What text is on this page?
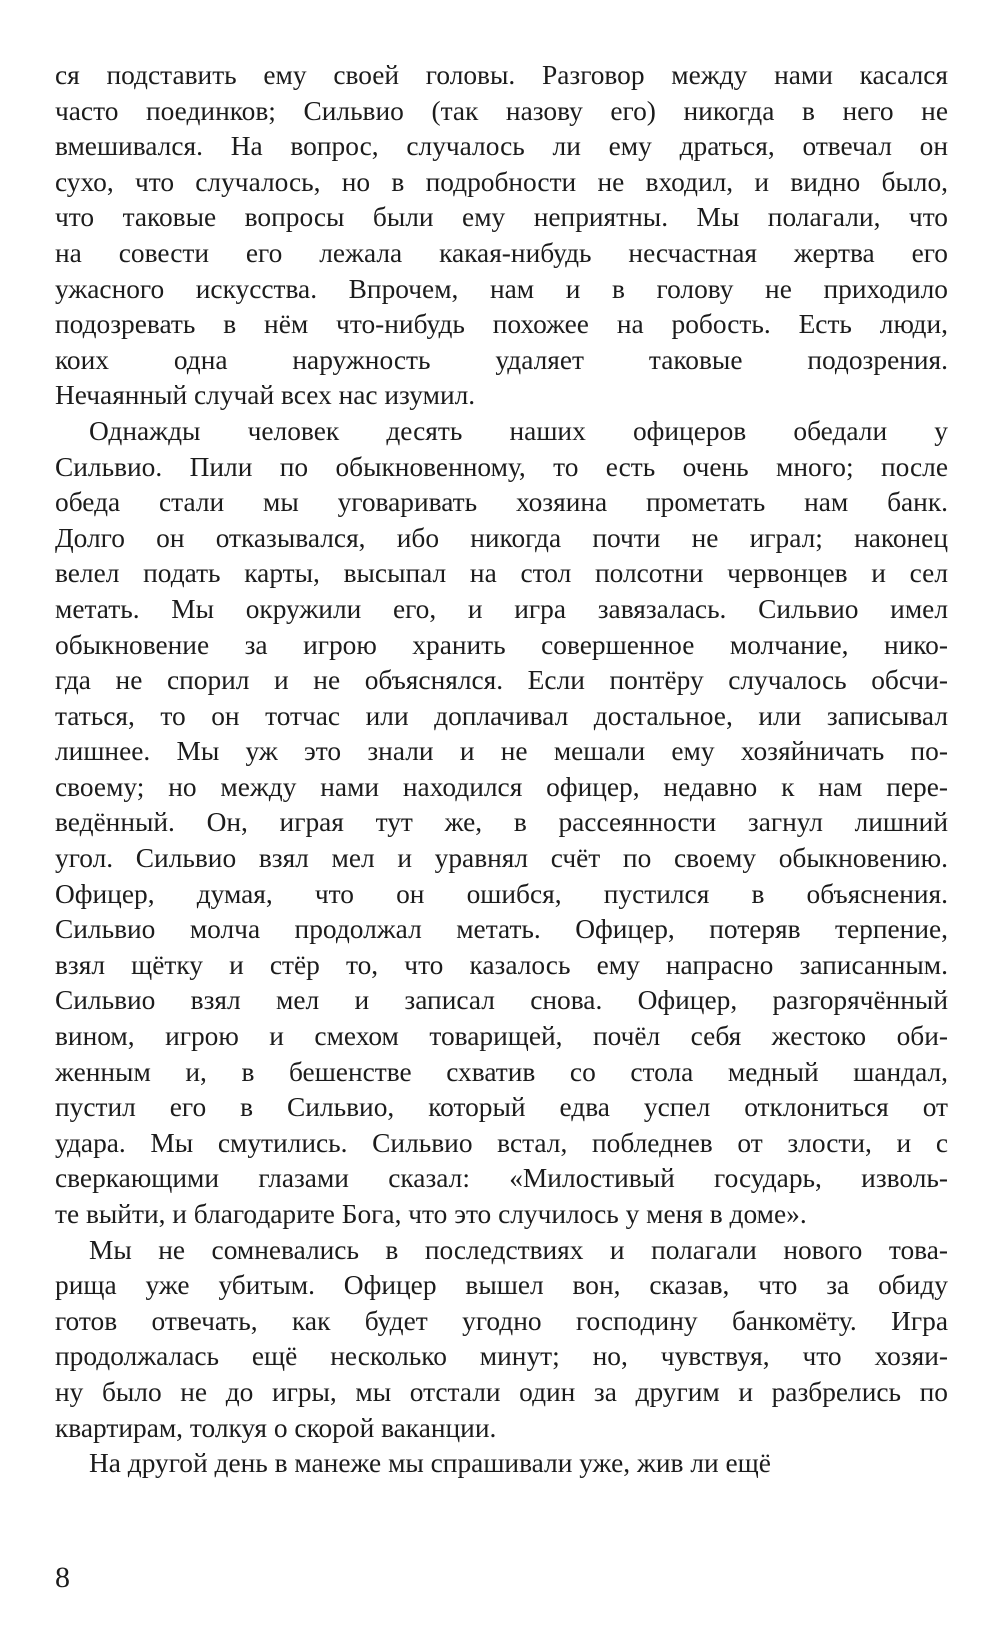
ся подставить ему своей головы. Разговор между нами касался
часто поединков; Сильвио (так назову его) никогда в него не
вмешивался. На вопрос, случалось ли ему драться, отвечал он
сухо, что случалось, но в подробности не входил, и видно было,
что таковые вопросы были ему неприятны. Мы полагали, что
на совести его лежала какая-нибудь несчастная жертва его
ужасного искусства. Впрочем, нам и в голову не приходило
подозревать в нём что-нибудь похожее на робость. Есть люди,
коих одна наружность удаляет таковые подозрения.
Нечаянный случай всех нас изумил.
Однажды человек десять наших офицеров обедали у
Сильвио. Пили по обыкновенному, то есть очень много; после
обеда стали мы уговаривать хозяина прометать нам банк.
Долго он отказывался, ибо никогда почти не играл; наконец
велел подать карты, высыпал на стол полсотни червонцев и сел
метать. Мы окружили его, и игра завязалась. Сильвио имел
обыкновение за игрою хранить совершенное молчание, нико-
гда не спорил и не объяснялся. Если понтёру случалось обсчи-
таться, то он тотчас или доплачивал достальное, или записывал
лишнее. Мы уж это знали и не мешали ему хозяйничать по-
своему; но между нами находился офицер, недавно к нам пере-
ведённый. Он, играя тут же, в рассеянности загнул лишний
угол. Сильвио взял мел и уравнял счёт по своему обыкновению.
Офицер, думая, что он ошибся, пустился в объяснения.
Сильвио молча продолжал метать. Офицер, потеряв терпение,
взял щётку и стёр то, что казалось ему напрасно записанным.
Сильвио взял мел и записал снова. Офицер, разгорячённый
вином, игрою и смехом товарищей, почёл себя жестоко оби-
женным и, в бешенстве схватив со стола медный шандал,
пустил его в Сильвио, который едва успел отклониться от
удара. Мы смутились. Сильвио встал, побледнев от злости, и с
сверкающими глазами сказал: «Милостивый государь, изволь-
те выйти, и благодарите Бога, что это случилось у меня в доме».
Мы не сомневались в последствиях и полагали нового това-
рища уже убитым. Офицер вышел вон, сказав, что за обиду
готов отвечать, как будет угодно господину банкомёту. Игра
продолжалась ещё несколько минут; но, чувствуя, что хозяи-
ну было не до игры, мы отстали один за другим и разбрелись по
квартирам, толкуя о скорой ваканции.
На другой день в манеже мы спрашивали уже, жив ли ещё
8
